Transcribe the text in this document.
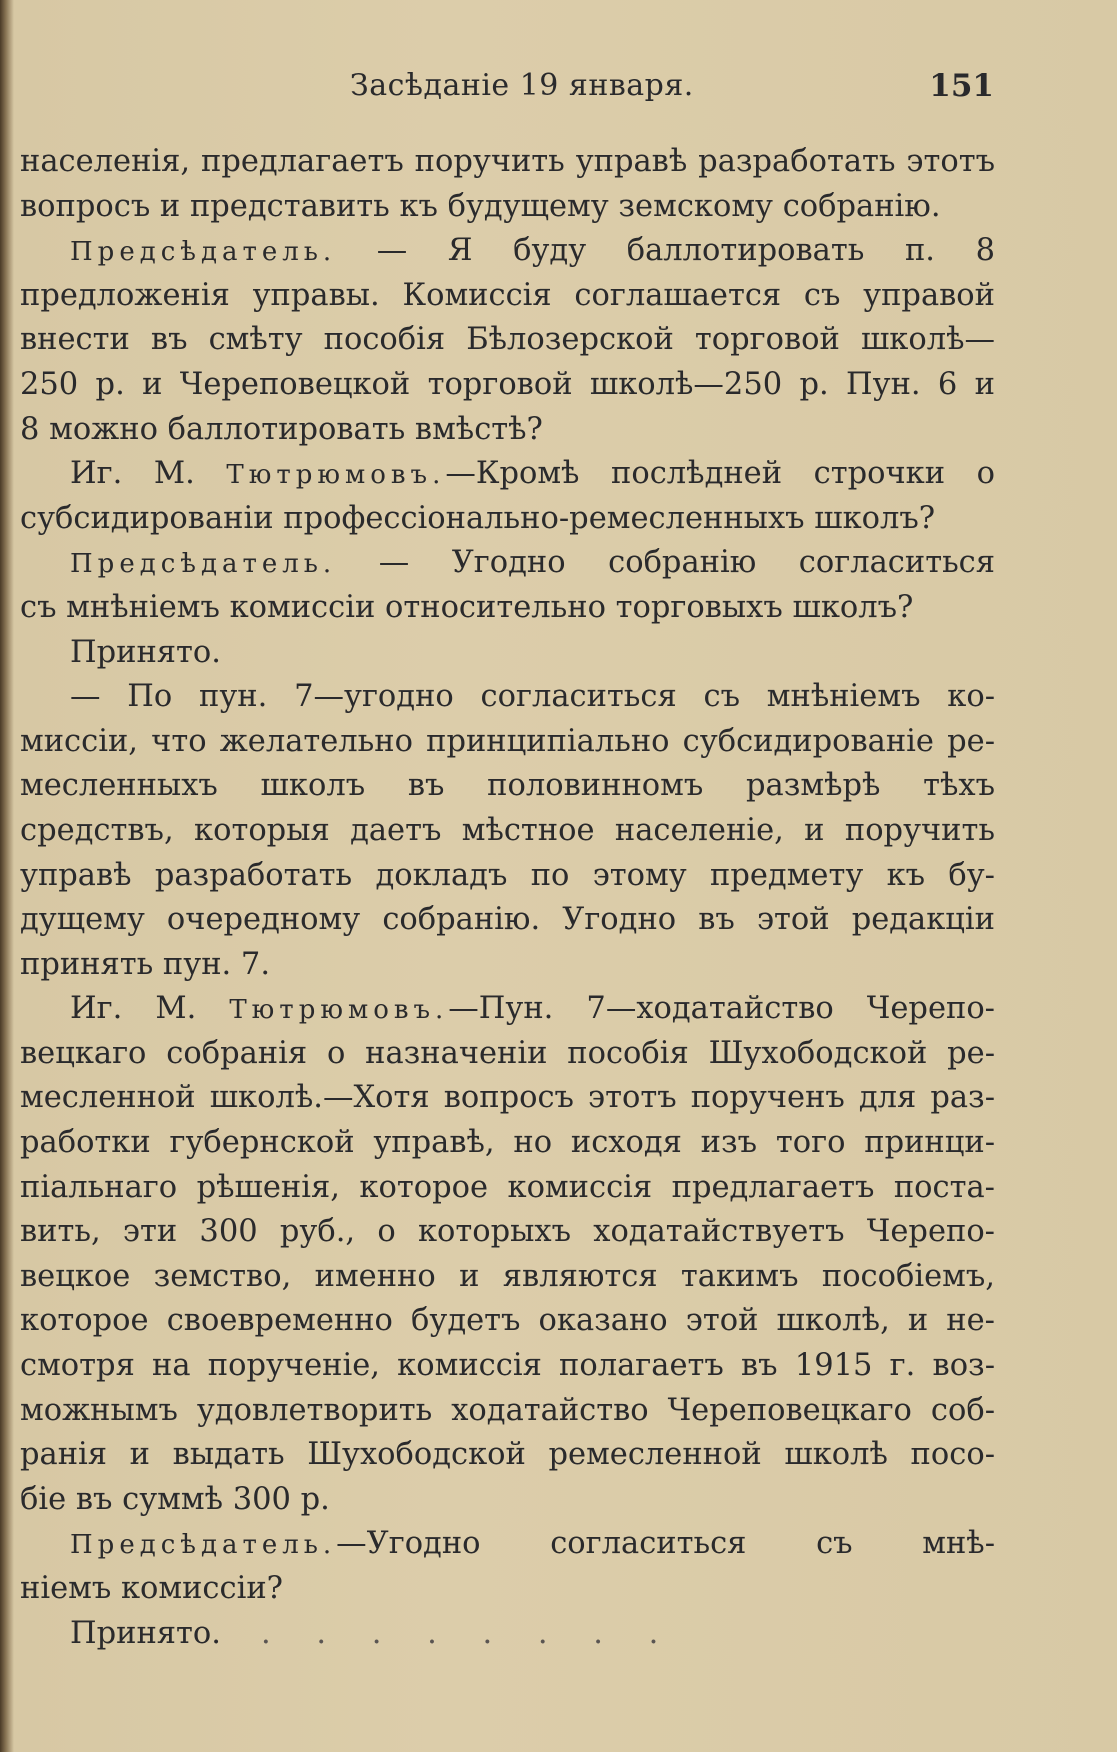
Засѣданіе 19 января.	151
населенія, предлагаетъ поручить управѣ разработать этотъ
вопросъ и представить къ будущему земскому собранію.
Предсѣдатель. — Я буду баллотировать п. 8
предложенія управы. Комиссія соглашается съ управой
внести въ смѣту пособія Бѣлозерской торговой школѣ—
250 р. и Череповецкой торговой школѣ—250 р. Пун. 6 и
8 можно баллотировать вмѣстѣ?
Иг. М. Тютрюмовъ.—Кромѣ послѣдней строчки о
субсидированіи профессіонально-ремесленныхъ школъ?
Предсѣдатель. — Угодно собранію согласиться
съ мнѣніемъ комиссіи относительно торговыхъ школъ?
Принято.
— По пун. 7—угодно согласиться съ мнѣніемъ ко-
миссіи, что желательно принципіально субсидированіе ре-
месленныхъ школъ въ половинномъ размѣрѣ тѣхъ
средствъ, которыя даетъ мѣстное населеніе, и поручить
управѣ разработать докладъ по этому предмету къ бу-
дущему очередному собранію. Угодно въ этой редакціи
принять пун. 7.
Иг. М. Тютрюмовъ.—Пун. 7—ходатайство Черепо-
вецкаго собранія о назначеніи пособія Шухободской ре-
месленной школѣ.—Хотя вопросъ этотъ порученъ для раз-
работки губернской управѣ, но исходя изъ того принци-
піальнаго рѣшенія, которое комиссія предлагаетъ поста-
вить, эти 300 руб., о которыхъ ходатайствуетъ Черепо-
вецкое земство, именно и являются такимъ пособіемъ,
которое своевременно будетъ оказано этой школѣ, и не-
смотря на порученіе, комиссія полагаетъ въ 1915 г. воз-
можнымъ удовлетворить ходатайство Череповецкаго соб-
ранія и выдать Шухободской ремесленной школѣ посо-
біе въ суммѣ 300 р.
Предсѣдатель.—Угодно согласиться съ мнѣ-
ніемъ комиссіи?
Принято. . . . . . . . .
